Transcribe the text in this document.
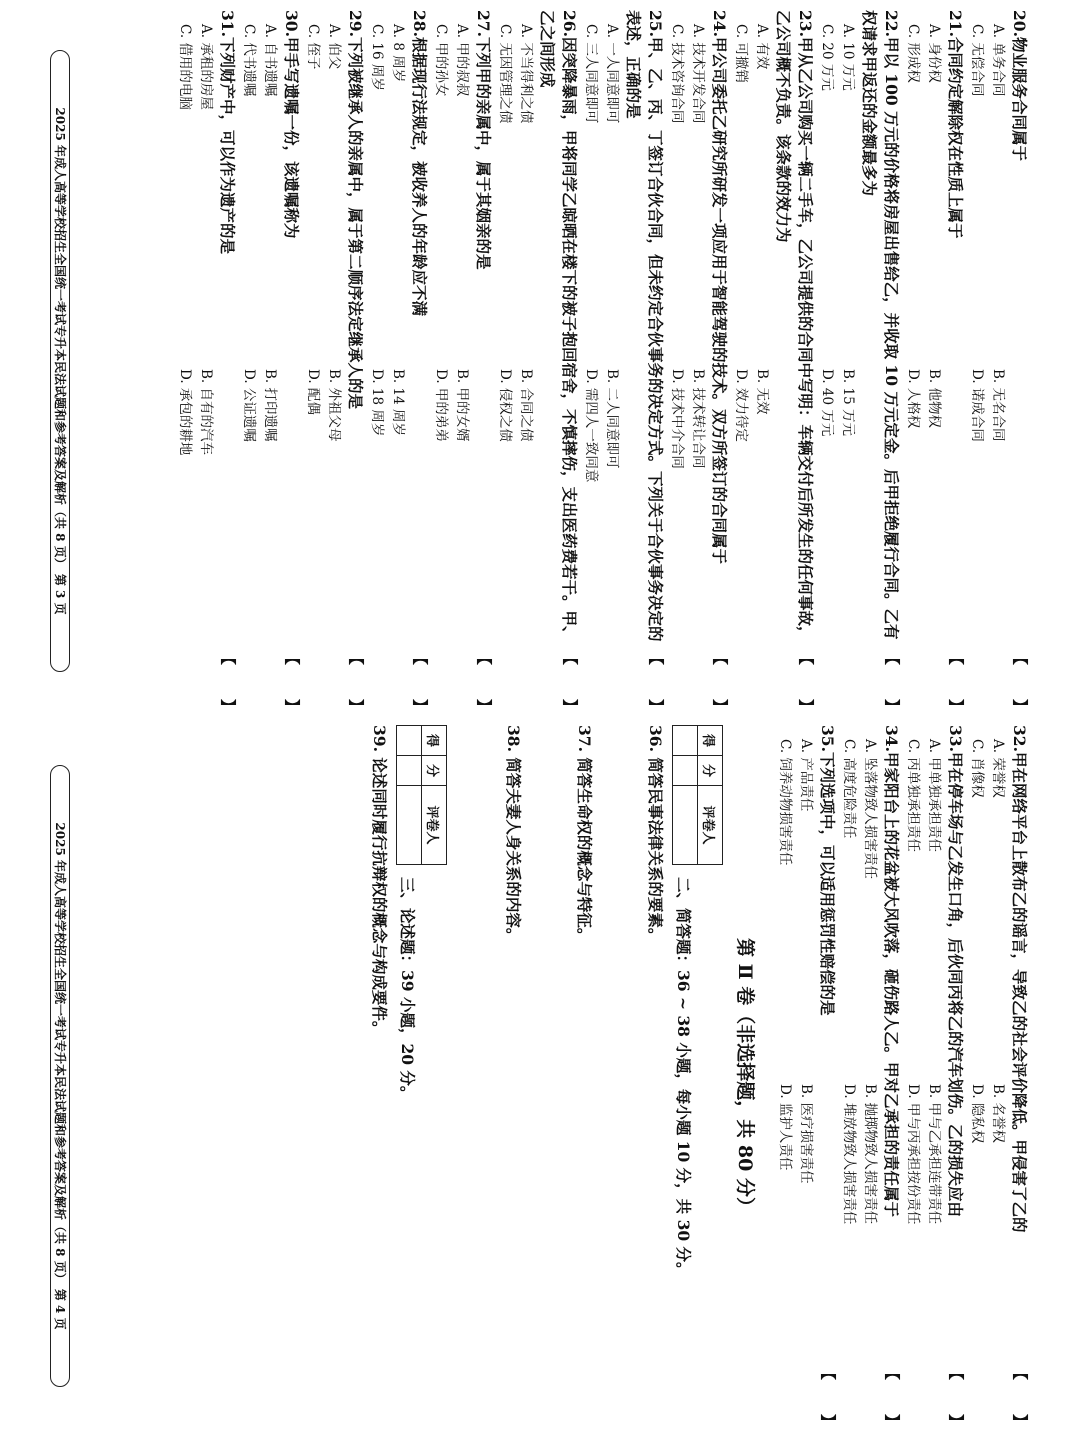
20.物业服务合同属于
【
】
A. 单务合同
B. 无名合同
C. 无偿合同
D. 诺成合同
21.合同约定解除权在性质上属于
【
】
A. 身份权
B. 他物权
C. 形成权
D. 人格权
22.甲以 100 万元的价格将房屋出售给乙，并收取 10 万元定金。后甲拒绝履行合同。乙有权请求甲返还的金额最多为
【
】
A. 10 万元
B. 15 万元
C. 20 万元
D. 40 万元
23.甲从乙公司购买一辆二手车，乙公司提供的合同中写明：车辆交付后所发生的任何事故，乙公司概不负责。该条款的效力为
【
】
A. 有效
B. 无效
C. 可撤销
D. 效力待定
24.甲公司委托乙研究所研发一项应用于智能驾驶的技术。双方所签订的合同属于
【
】
A. 技术开发合同
B. 技术转让合同
C. 技术咨询合同
D. 技术中介合同
25.甲、乙、丙、丁签订合伙合同，但未约定合伙事务的决定方式。下列关于合伙事务决定的表述，正确的是
【
】
A. 一人同意即可
B. 二人同意即可
C. 三人同意即可
D. 需四人一致同意
26.因突降暴雨，甲将同学乙晾晒在楼下的被子抱回宿舍，不慎摔伤，支出医药费若干。甲、乙之间形成
【
】
A. 不当得利之债
B. 合同之债
C. 无因管理之债
D. 侵权之债
27.下列甲的亲属中，属于其姻亲的是
【
】
A. 甲的叔叔
B. 甲的女婿
C. 甲的孙女
D. 甲的弟弟
28.根据现行法规定，被收养人的年龄应不满
【
】
A. 8 周岁
B. 14 周岁
C. 16 周岁
D. 18 周岁
29.下列被继承人的亲属中，属于第二顺序法定继承人的是
【
】
A. 伯父
B. 外祖父母
C. 侄子
D. 配偶
30.甲手写遗嘱一份，该遗嘱称为
【
】
A. 自书遗嘱
B. 打印遗嘱
C. 代书遗嘱
D. 公证遗嘱
31.下列财产中，可以作为遗产的是
【
】
A. 承租的房屋
B. 自有的汽车
C. 借用的电脑
D. 承包的耕地
2025 年成人高等学校招生全国统一考试专升本民法试题和参考答案及解析（共 8 页） 第 3 页
32.甲在网络平台上散布乙的谣言，导致乙的社会评价降低。甲侵害了乙的
【
】
A. 荣誉权
B. 名誉权
C. 肖像权
D. 隐私权
33.甲在停车场与乙发生口角，后伙同丙将乙的汽车划伤。乙的损失应由
【
】
A. 甲单独承担责任
B. 甲与乙承担连带责任
C. 丙单独承担责任
D. 甲与丙承担按份责任
34.甲家阳台上的花盆被大风吹落，砸伤路人乙。甲对乙承担的责任属于
【
】
A. 坠落物致人损害责任
B. 抛掷物致人损害责任
C. 高度危险责任
D. 堆放物致人损害责任
35.下列选项中，可以适用惩罚性赔偿的是
【
】
A. 产品责任
B. 医疗损害责任
C. 饲养动物损害责任
D. 监护人责任
第 Ⅱ 卷（非选择题，共 80 分）
得	分	评卷人

二、简答题：36 ~ 38 小题，每小题 10 分，共 30 分。
36. 简答民事法律关系的要素。
37. 简答生命权的概念与特征。
38. 简答夫妻人身关系的内容。
得	分	评卷人

三、论述题：39 小题，20 分。
39. 论述同时履行抗辩权的概念与构成要件。
2025 年成人高等学校招生全国统一考试专升本民法试题和参考答案及解析（共 8 页） 第 4 页
